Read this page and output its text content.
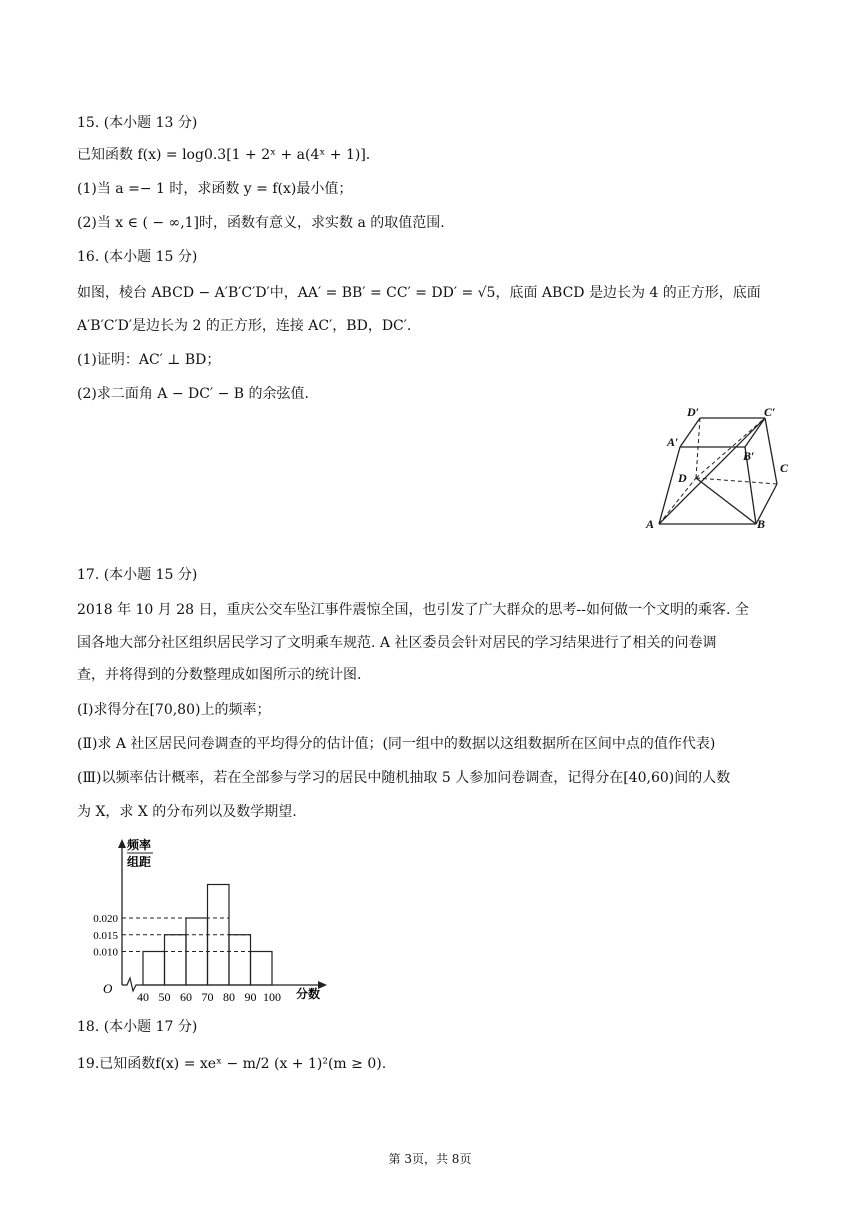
15. (本小题 13 分)
已知函数 f(x) = log0.3[1 + 2ˣ + a(4ˣ + 1)].
(1)当 a =− 1 时，求函数 y = f(x)最小值；
(2)当 x ∈ ( − ∞,1]时，函数有意义，求实数 a 的取值范围.
16. (本小题 15 分)
如图，棱台 ABCD − A′B′C′D′中，AA′ = BB′ = CC′ = DD′ = √5，底面 ABCD 是边长为 4 的正方形，底面
A′B′C′D′是边长为 2 的正方形，连接 AC′，BD，DC′.
(1)证明：AC′ ⊥ BD；
(2)求二面角 A − DC′ − B 的余弦值.
A	B
C
D
A′
B′
C′
D′
17. (本小题 15 分)
2018 年 10 月 28 日，重庆公交车坠江事件震惊全国，也引发了广大群众的思考--如何做一个文明的乘客. 全
国各地大部分社区组织居民学习了文明乘车规范. A 社区委员会针对居民的学习结果进行了相关的问卷调
查，并将得到的分数整理成如图所示的统计图.
(Ⅰ)求得分在[70,80)上的频率；
(Ⅱ)求 A 社区居民问卷调查的平均得分的估计值；(同一组中的数据以这组数据所在区间中点的值作代表)
(Ⅲ)以频率估计概率，若在全部参与学习的居民中随机抽取 5 人参加问卷调查，记得分在[40,60)间的人数
为 X，求 X 的分布列以及数学期望.
频率
组距
O	分数
0.020
0.015
0.010
40 50 60 70 80 90 100
18. (本小题 17 分)
19.已知函数f(x) = xeˣ − m/2 (x + 1)²(m ≥ 0).
第 3页，共 8页
